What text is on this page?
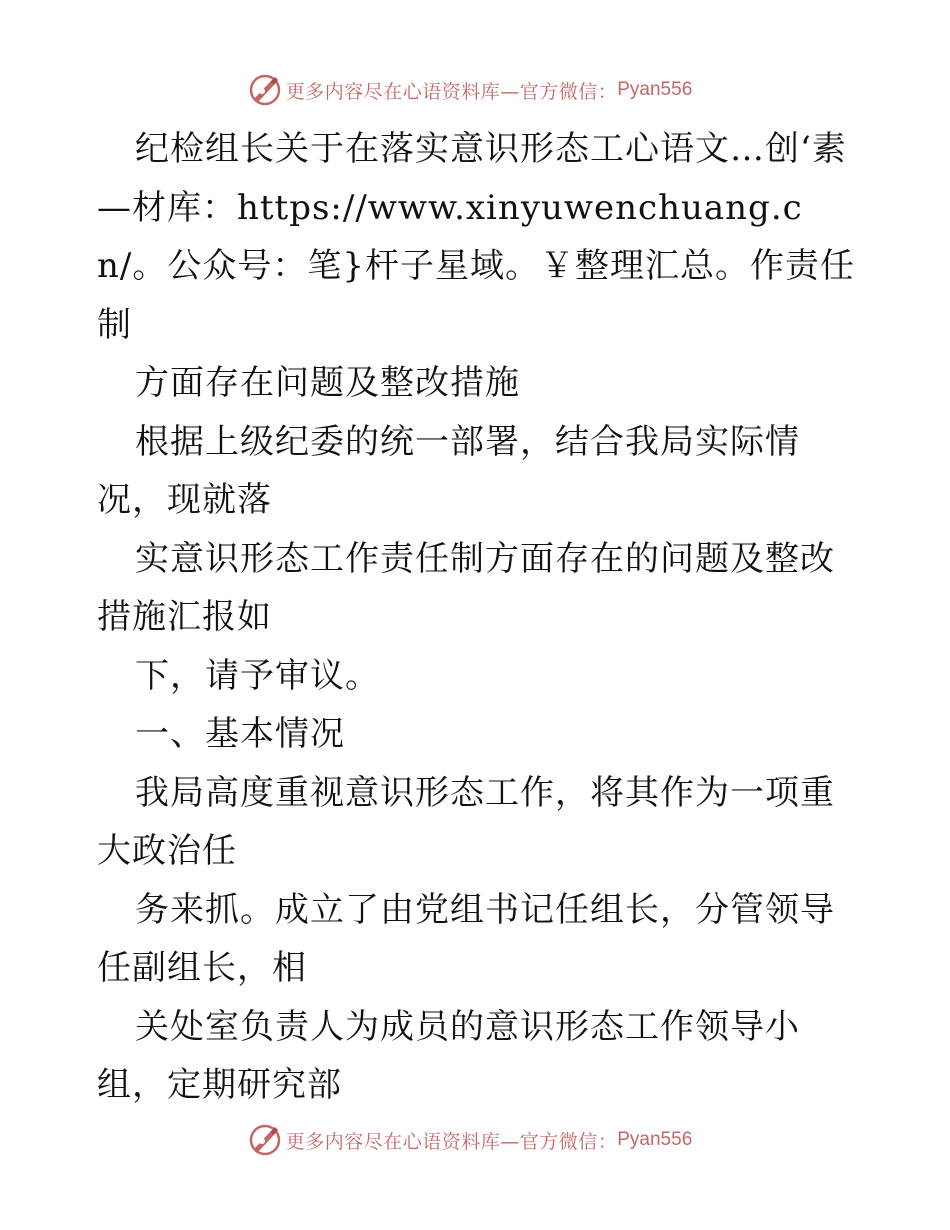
更多内容尽在心语资料库—官方微信： Pyan556

纪检组长关于在落实意识形态工心语文…创‘素—材库：https://www.xinyuwenchuang.cn/。公众号：笔}杆子星域。￥整理汇总。作责任制

方面存在问题及整改措施

根据上级纪委的统一部署，结合我局实际情况，现就落

实意识形态工作责任制方面存在的问题及整改措施汇报如

下，请予审议。

一、基本情况

我局高度重视意识形态工作，将其作为一项重大政治任

务来抓。成立了由党组书记任组长，分管领导任副组长，相

关处室负责人为成员的意识形态工作领导小组，定期研究部

更多内容尽在心语资料库—官方微信： Pyan556
